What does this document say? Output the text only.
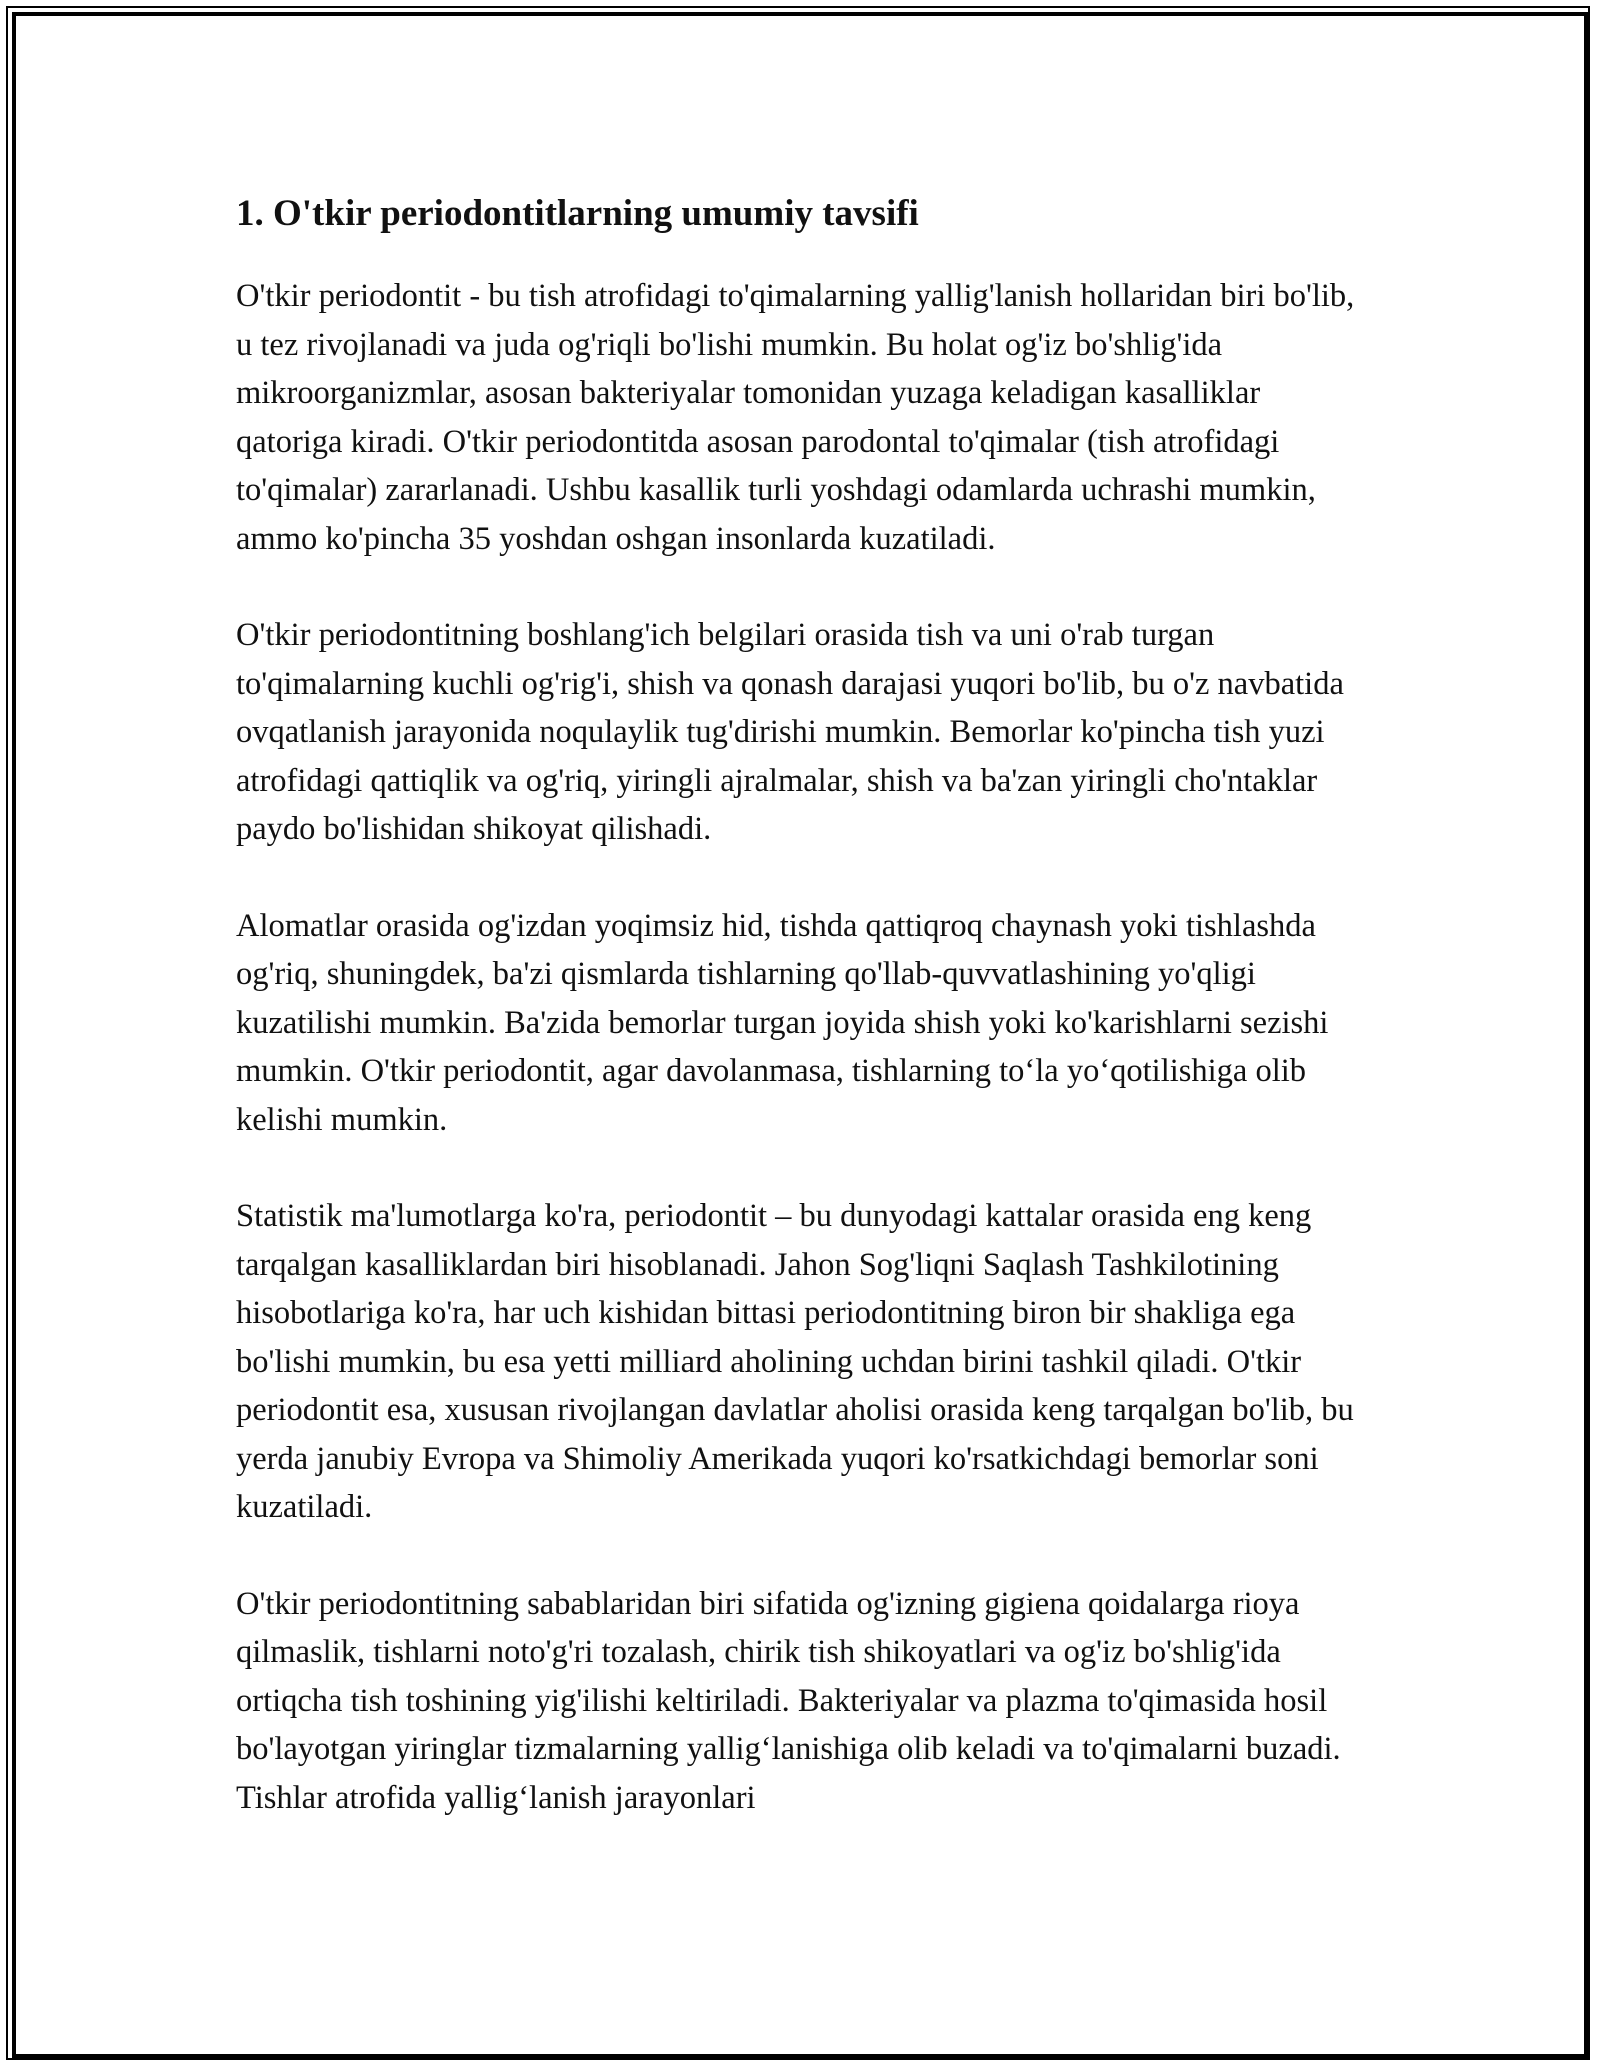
1. O'tkir periodontitlarning umumiy tavsifi

O'tkir periodontit - bu tish atrofidagi to'qimalarning yallig'lanish hollaridan biri bo'lib, u tez rivojlanadi va juda og'riqli bo'lishi mumkin. Bu holat og'iz bo'shlig'ida mikroorganizmlar, asosan bakteriyalar tomonidan yuzaga keladigan kasalliklar qatoriga kiradi. O'tkir periodontitda asosan parodontal to'qimalar (tish atrofidagi to'qimalar) zararlanadi. Ushbu kasallik turli yoshdagi odamlarda uchrashi mumkin, ammo ko'pincha 35 yoshdan oshgan insonlarda kuzatiladi.

O'tkir periodontitning boshlang'ich belgilari orasida tish va uni o'rab turgan to'qimalarning kuchli og'rig'i, shish va qonash darajasi yuqori bo'lib, bu o'z navbatida ovqatlanish jarayonida noqulaylik tug'dirishi mumkin. Bemorlar ko'pincha tish yuzi atrofidagi qattiqlik va og'riq, yiringli ajralmalar, shish va ba'zan yiringli cho'ntaklar paydo bo'lishidan shikoyat qilishadi.

Alomatlar orasida og'izdan yoqimsiz hid, tishda qattiqroq chaynash yoki tishlashda og'riq, shuningdek, ba'zi qismlarda tishlarning qo'llab-quvvatlashining yo'qligi kuzatilishi mumkin. Ba'zida bemorlar turgan joyida shish yoki ko'karishlarni sezishi mumkin. O'tkir periodontit, agar davolanmasa, tishlarning to‘la yo‘qotilishiga olib kelishi mumkin.

Statistik ma'lumotlarga ko'ra, periodontit – bu dunyodagi kattalar orasida eng keng tarqalgan kasalliklardan biri hisoblanadi. Jahon Sog'liqni Saqlash Tashkilotining hisobotlariga ko'ra, har uch kishidan bittasi periodontitning biron bir shakliga ega bo'lishi mumkin, bu esa yetti milliard aholining uchdan birini tashkil qiladi. O'tkir periodontit esa, xususan rivojlangan davlatlar aholisi orasida keng tarqalgan bo'lib, bu yerda janubiy Evropa va Shimoliy Amerikada yuqori ko'rsatkichdagi bemorlar soni kuzatiladi.

O'tkir periodontitning sabablaridan biri sifatida og'izning gigiena qoidalarga rioya qilmaslik, tishlarni noto'g'ri tozalash, chirik tish shikoyatlari va og'iz bo'shlig'ida ortiqcha tish toshining yig'ilishi keltiriladi. Bakteriyalar va plazma to'qimasida hosil bo'layotgan yiringlar tizmalarning yallig‘lanishiga olib keladi va to'qimalarni buzadi. Tishlar atrofida yallig‘lanish jarayonlari
